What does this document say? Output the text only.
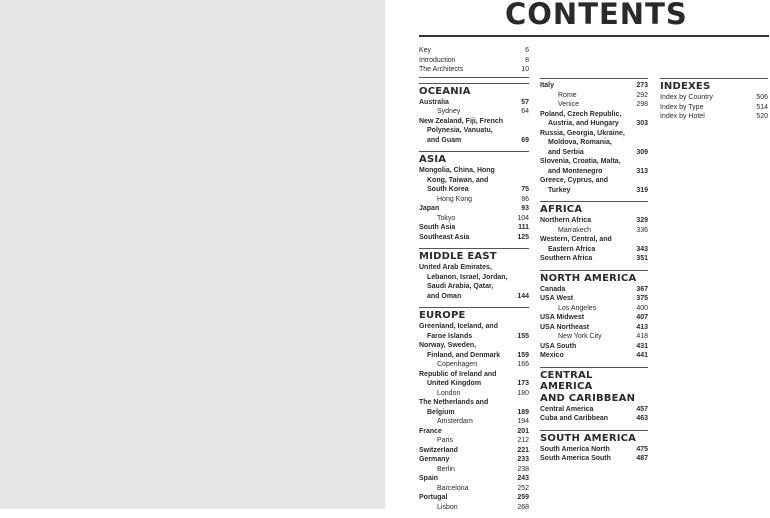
CONTENTS
Key	6
Introduction	8
The Architects	10
OCEANIA
Australia	57
Sydney	64
New Zealand, Fiji, French
Polynesia, Vanuatu,
and Guam	69
ASIA
Mongolia, China, Hong
Kong, Taiwan, and
South Korea	75
Hong Kong	86
Japan	93
Tokyo	104
South Asia	111
Southeast Asia	125
MIDDLE EAST
United Arab Emirates,
Lebanon, Israel, Jordan,
Saudi Arabia, Qatar,
and Oman	144
EUROPE
Greenland, Iceland, and
Faroe Islands	155
Norway, Sweden,
Finland, and Denmark 159
Copenhagen	166
Republic of Ireland and
United Kingdom	173
London	180
The Netherlands and
Belgium	189
Amsterdam	194
France	201
Paris	212
Switzerland	221
Germany	233
Berlin	238
Spain	243
Barcelona	252
Portugal	259
Lisbon	268
Italy	273
Rome	292
Venice	298
Poland, Czech Republic,
Austria, and Hungary	303
Russia, Georgia, Ukraine,
Moldova, Romania,
and Serbia	309
Slovenia, Croatia, Malta,
and Montenegro	313
Greece, Cyprus, and
Turkey	319
AFRICA
Northern Africa	329
Marrakech	336
Western, Central, and
Eastern Africa	343
Southern Africa	351
NORTH AMERICA
Canada	367
USA West	375
Los Angeles	400
USA Midwest	407
USA Northeast	413
New York City	418
USA South	431
Mexico	441
CENTRAL AMERICA
AND CARIBBEAN
Central America	457
Cuba and Caribbean	463
SOUTH AMERICA
South America North	475
South America South	487
INDEXES
Index by Country	506
Index by Type	514
Index by Hotel	520
